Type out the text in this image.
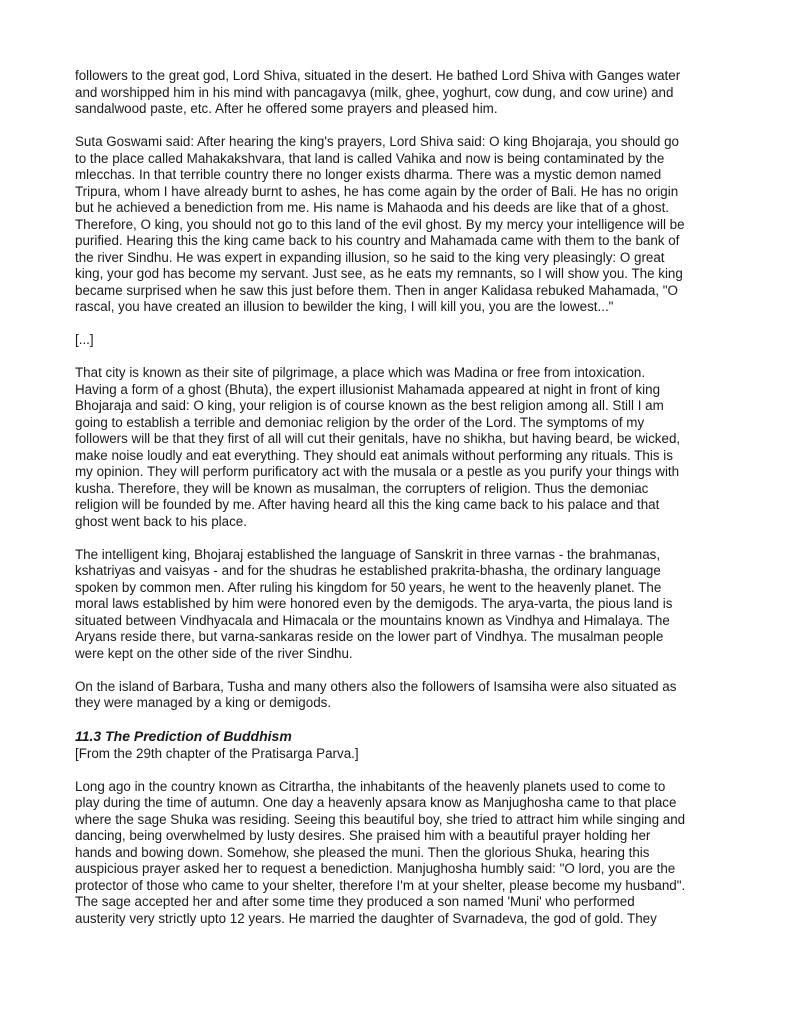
followers to the great god, Lord Shiva, situated in the desert. He bathed Lord Shiva with Ganges water
and worshipped him in his mind with pancagavya (milk, ghee, yoghurt, cow dung, and cow urine) and
sandalwood paste, etc. After he offered some prayers and pleased him.

Suta Goswami said: After hearing the king's prayers, Lord Shiva said: O king Bhojaraja, you should go
to the place called Mahakakshvara, that land is called Vahika and now is being contaminated by the
mlecchas. In that terrible country there no longer exists dharma. There was a mystic demon named
Tripura, whom I have already burnt to ashes, he has come again by the order of Bali. He has no origin
but he achieved a benediction from me. His name is Mahaoda and his deeds are like that of a ghost.
Therefore, O king, you should not go to this land of the evil ghost. By my mercy your intelligence will be
purified. Hearing this the king came back to his country and Mahamada came with them to the bank of
the river Sindhu. He was expert in expanding illusion, so he said to the king very pleasingly: O great
king, your god has become my servant. Just see, as he eats my remnants, so I will show you. The king
became surprised when he saw this just before them. Then in anger Kalidasa rebuked Mahamada, "O
rascal, you have created an illusion to bewilder the king, I will kill you, you are the lowest..."

[...]

That city is known as their site of pilgrimage, a place which was Madina or free from intoxication.
Having a form of a ghost (Bhuta), the expert illusionist Mahamada appeared at night in front of king
Bhojaraja and said: O king, your religion is of course known as the best religion among all. Still I am
going to establish a terrible and demoniac religion by the order of the Lord. The symptoms of my
followers will be that they first of all will cut their genitals, have no shikha, but having beard, be wicked,
make noise loudly and eat everything. They should eat animals without performing any rituals. This is
my opinion. They will perform purificatory act with the musala or a pestle as you purify your things with
kusha. Therefore, they will be known as musalman, the corrupters of religion. Thus the demoniac
religion will be founded by me. After having heard all this the king came back to his palace and that
ghost went back to his place.

The intelligent king, Bhojaraj established the language of Sanskrit in three varnas - the brahmanas,
kshatriyas and vaisyas - and for the shudras he established prakrita-bhasha, the ordinary language
spoken by common men. After ruling his kingdom for 50 years, he went to the heavenly planet. The
moral laws established by him were honored even by the demigods. The arya-varta, the pious land is
situated between Vindhyacala and Himacala or the mountains known as Vindhya and Himalaya. The
Aryans reside there, but varna-sankaras reside on the lower part of Vindhya. The musalman people
were kept on the other side of the river Sindhu.

On the island of Barbara, Tusha and many others also the followers of Isamsiha were also situated as
they were managed by a king or demigods.

11.3 The Prediction of Buddhism

[From the 29th chapter of the Pratisarga Parva.]

Long ago in the country known as Citrartha, the inhabitants of the heavenly planets used to come to
play during the time of autumn. One day a heavenly apsara know as Manjughosha came to that place
where the sage Shuka was residing. Seeing this beautiful boy, she tried to attract him while singing and
dancing, being overwhelmed by lusty desires. She praised him with a beautiful prayer holding her
hands and bowing down. Somehow, she pleased the muni. Then the glorious Shuka, hearing this
auspicious prayer asked her to request a benediction. Manjughosha humbly said: "O lord, you are the
protector of those who came to your shelter, therefore I'm at your shelter, please become my husband".
The sage accepted her and after some time they produced a son named 'Muni' who performed
austerity very strictly upto 12 years. He married the daughter of Svarnadeva, the god of gold. They
